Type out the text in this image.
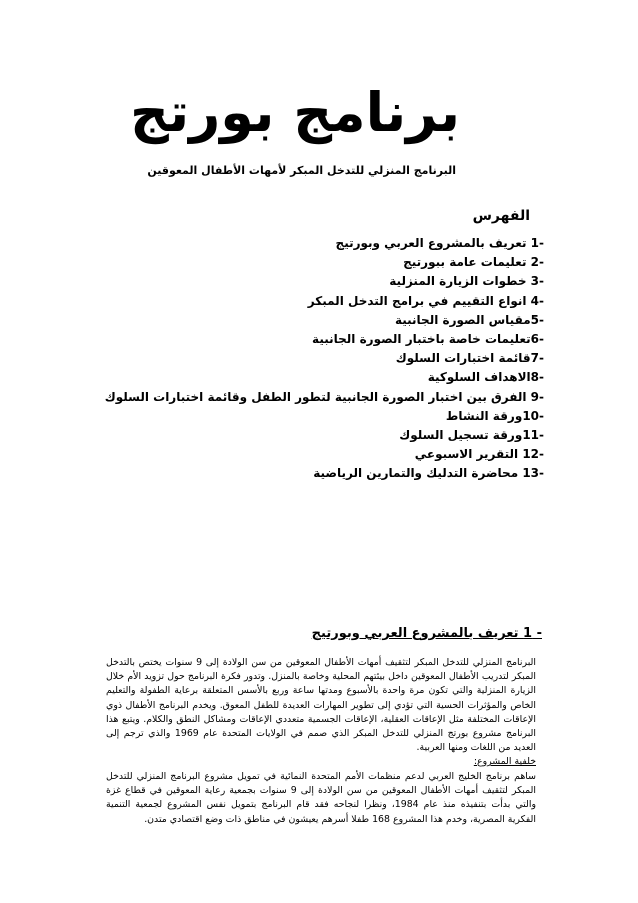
برنامج بورتج

البرنامج المنزلي للتدخل المبكر لأمهات الأطفال المعوقين

الفهرس
-1 تعريف بالمشروع العربي وبورتيج
-2 تعليمات عامة ببورتيج
-3 خطوات الزيارة المنزلية
-4 انواع التقييم في برامج التدخل المبكر
-5مقياس الصورة الجانبية
-6تعليمات خاصة باختبار الصورة الجانبية
-7قائمة اختبارات السلوك
-8الاهداف السلوكية
-9 الفرق بين اختبار الصورة الجانبية لتطور الطفل وقائمة اختبارات السلوك
-10ورقة النشاط
-11ورقة تسجيل السلوك
-12 التقرير الاسبوعي
-13 محاضرة التدليك والتمارين الرياضية
- 1 تعريف بالمشروع العربي وبورتيج

البرنامج المنزلي للتدخل المبكر لتثقيف أمهات الأطفال المعوقين من سن الولادة إلى 9 سنوات يختص بالتدخل المبكر لتدريب الأطفال المعوقين داخل بيئتهم المحلية وخاصة بالمنزل. وتدور فكرة البرنامج حول تزويد الأم خلال الزيارة المنزلية والتي تكون مرة واحدة بالأسبوع ومدتها ساعة وربع بالأسس المتعلقة برعاية الطفولة والتعليم الخاص والمؤثرات الحسية التي تؤدي إلى تطوير المهارات العديدة للطفل المعوق. ويخدم البرنامج الأطفال ذوي الإعاقات المختلفة مثل الإعاقات العقلية، الإعاقات الجسمية متعددي الإعاقات ومشاكل النطق والكلام. ويتبع هذا البرنامج مشروع بورتج المنزلي للتدخل المبكر الذي صمم في الولايات المتحدة عام 1969 والذي ترجم إلى العديد من اللغات ومنها العربية.

خلفية المشروع:

ساهم برنامج الخليج العربي لدعم منظمات الأمم المتحدة النمائية في تمويل مشروع البرنامج المنزلي للتدخل المبكر لتثقيف أمهات الأطفال المعوقين من سن الولادة إلى 9 سنوات بجمعية رعاية المعوقين في قطاع غزة والتي بدأت بتنفيذه منذ عام 1984، ونظرا لنجاحه فقد قام البرنامج بتمويل نفس المشروع لجمعية التنمية الفكرية المصرية، وخدم هذا المشروع 168 طفلا أسرهم يعيشون في مناطق ذات وضع اقتصادي متدن.
